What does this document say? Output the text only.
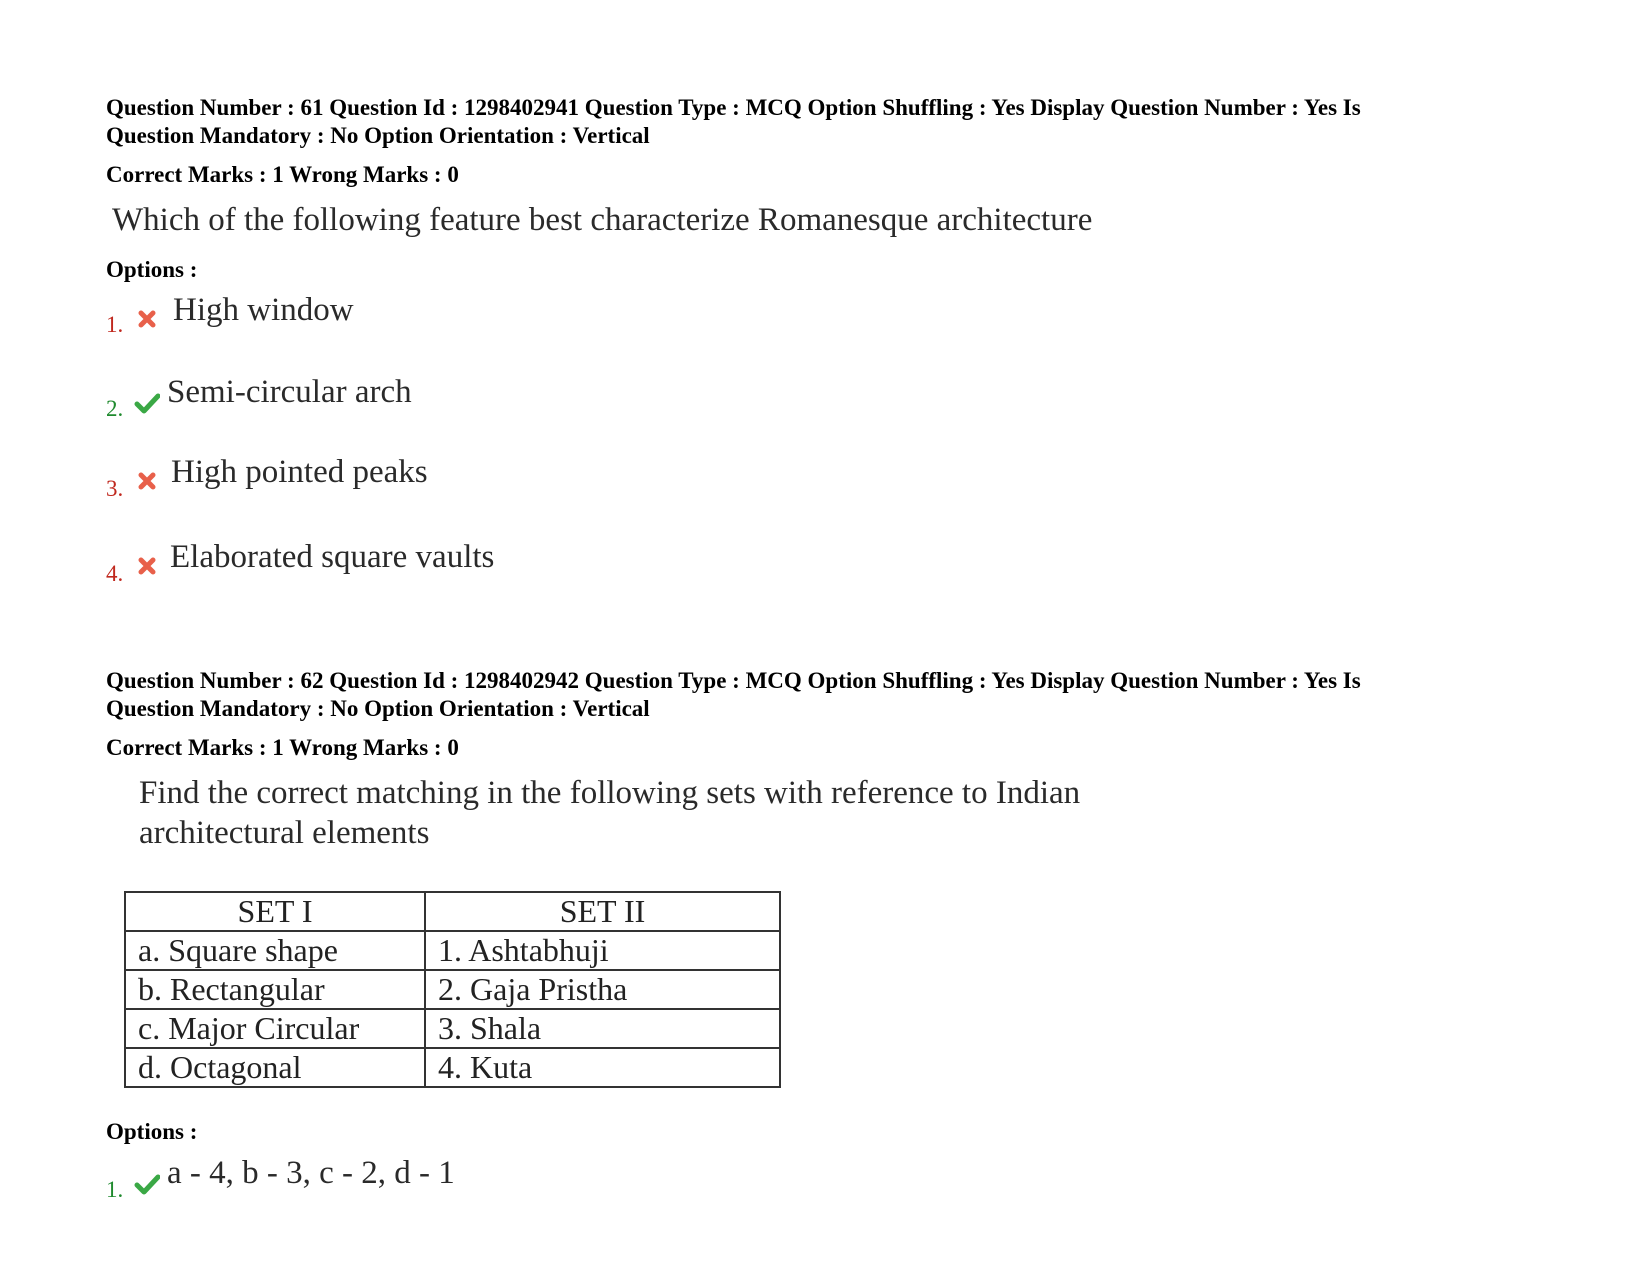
Question Number : 61 Question Id : 1298402941 Question Type : MCQ Option Shuffling : Yes Display Question Number : Yes Is
Question Mandatory : No Option Orientation : Vertical
Correct Marks : 1 Wrong Marks : 0
Which of the following feature best characterize Romanesque architecture
Options :
1. High window
2. Semi-circular arch
3. High pointed peaks
4. Elaborated square vaults
Question Number : 62 Question Id : 1298402942 Question Type : MCQ Option Shuffling : Yes Display Question Number : Yes Is
Question Mandatory : No Option Orientation : Vertical
Correct Marks : 1 Wrong Marks : 0
Find the correct matching in the following sets with reference to Indian
architectural elements
SET I	SET II
a. Square shape	1. Ashtabhuji
b. Rectangular	2. Gaja Pristha
c. Major Circular	3. Shala
d. Octagonal	4. Kuta
Options :
1. a - 4, b - 3, c - 2, d - 1
